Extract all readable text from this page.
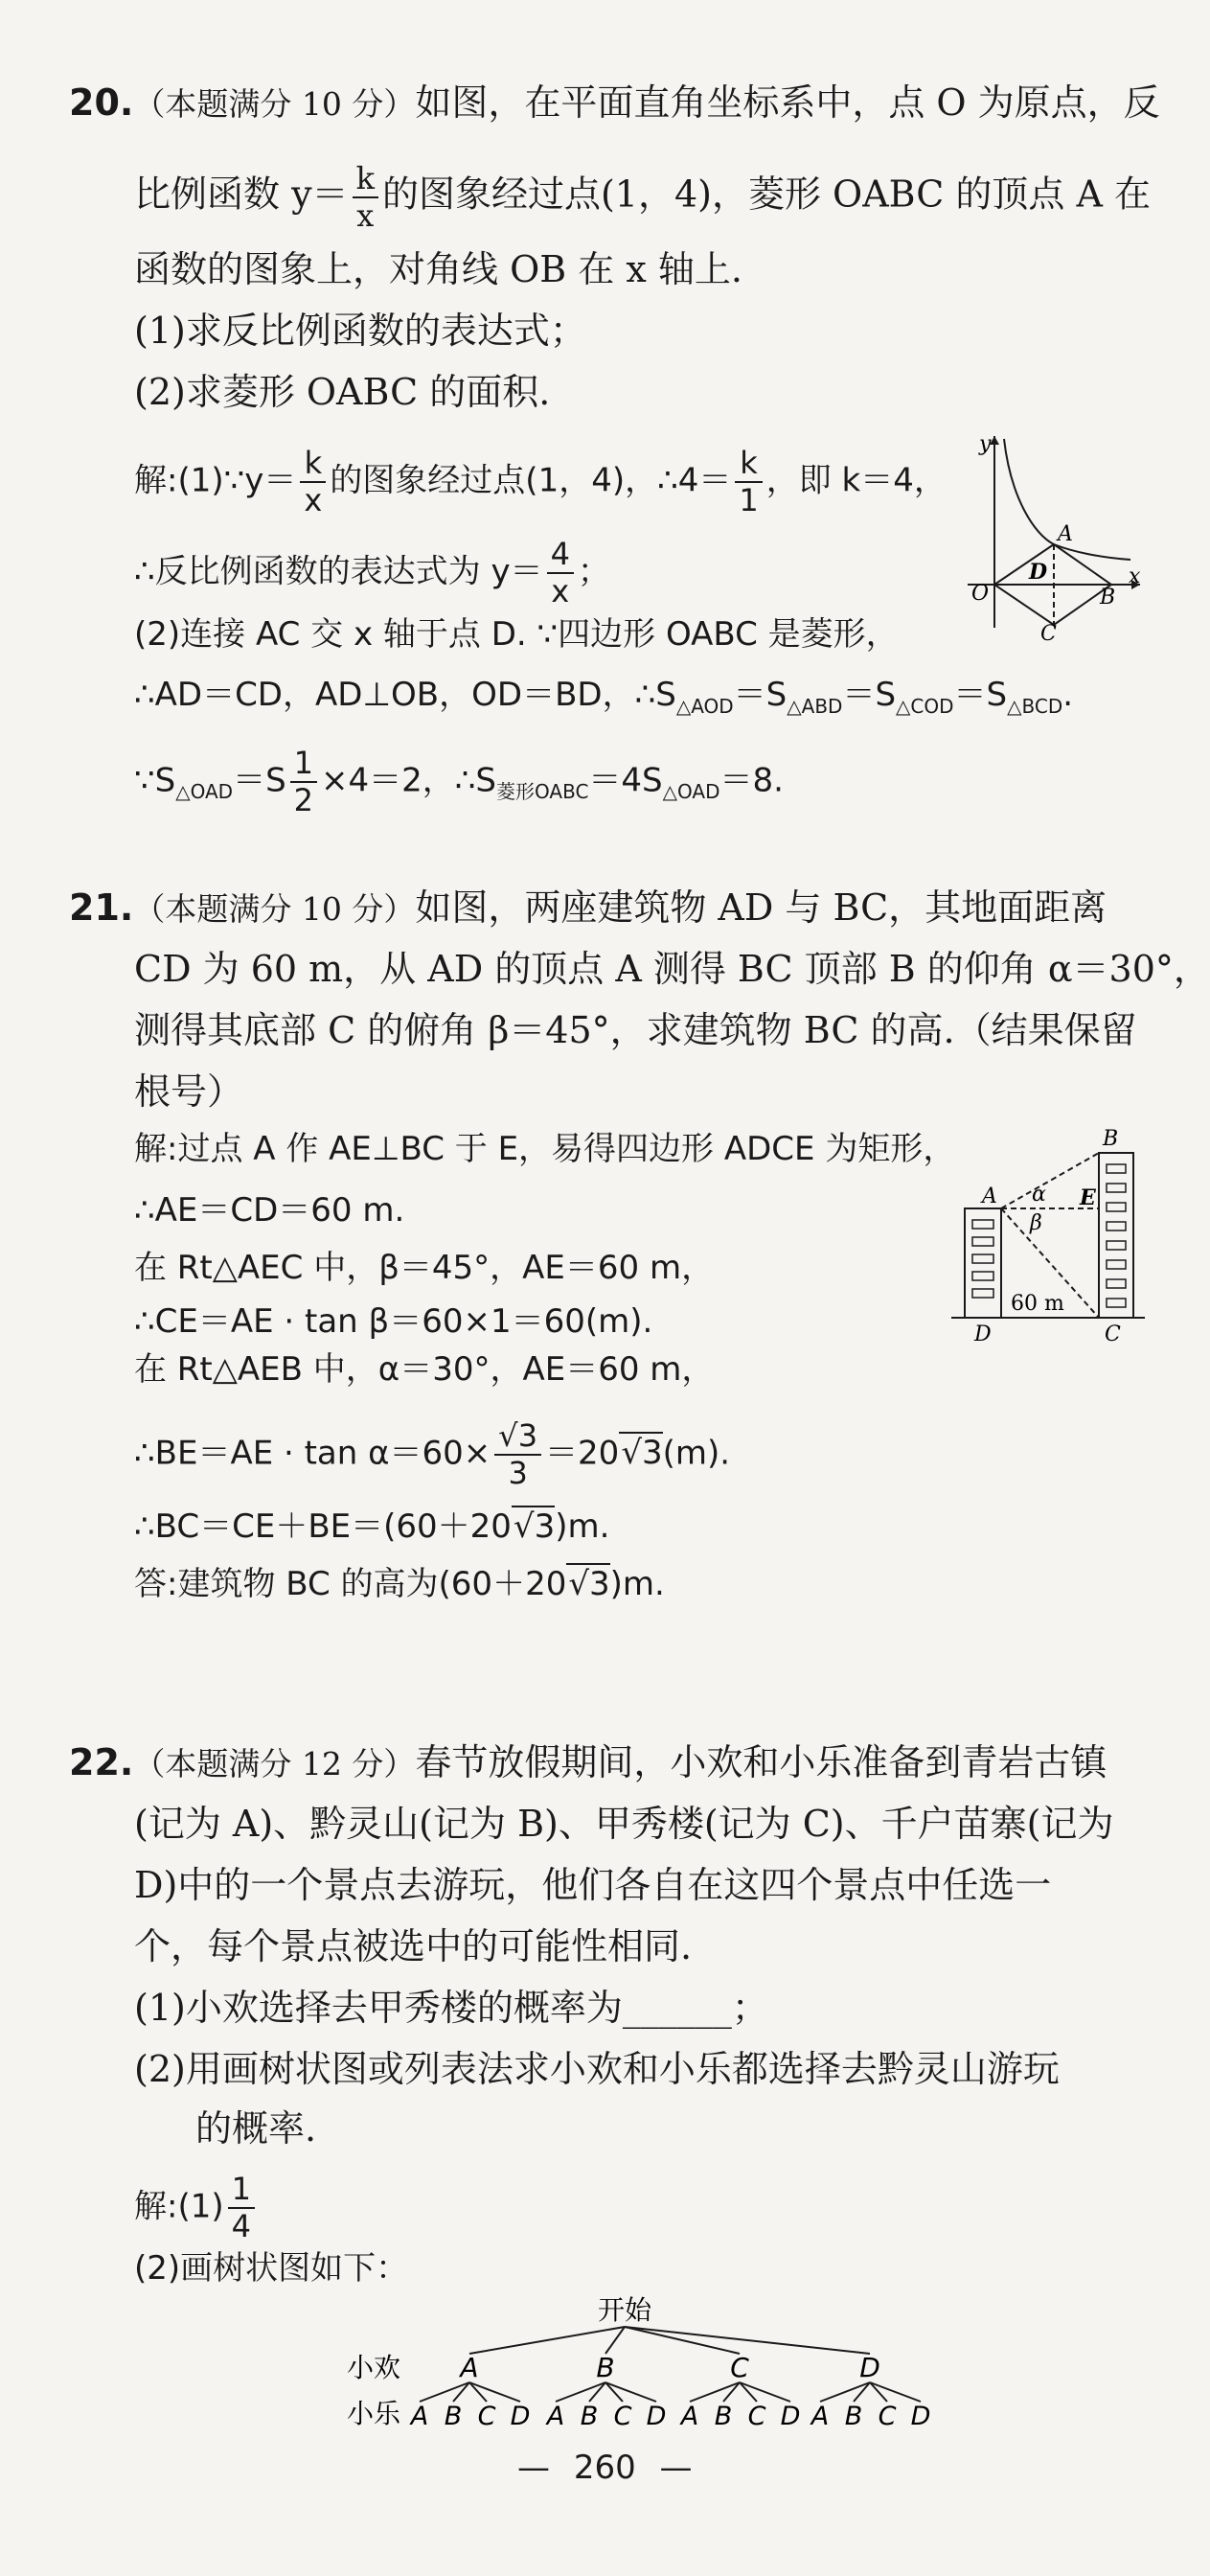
20.（本题满分 10 分）如图，在平面直角坐标系中，点 O 为原点，反
比例函数 $y= \frac{k}{x}$ 的图象经过点(1，4)，菱形 OABC 的顶点 A 在
函数的图象上，对角线 OB 在 x 轴上.
(1)求反比例函数的表达式；
(2)求菱形 OABC 的面积.
解:(1)∵y＝ $\frac{k}{x}$ 的图象经过点(1，4)，∴4＝ $\frac{k}{1}$ ，即 k＝4，
∴反比例函数的表达式为 $y= \frac{4}{x}$ ；
(2)连接 AC 交 x 轴于点 D. ∵四边形 OABC 是菱形，
∴AD＝CD，AD⊥OB，OD＝BD，$\therefore S_{\triangle AOD}=S_{\triangle ABD}=S_{\triangle COD}=S_{\triangle BCD}$.
$\because S_{\triangle OAD}=S \frac{1}{2} \times 4=2$，$\therefore S_{菱形OABC}=4S_{\triangle OAD}=8$.
y
x
O
A
B
C
D
21.（本题满分 10 分）如图，两座建筑物 AD 与 BC，其地面距离
CD 为 60 m，从 AD 的顶点 A 测得 BC 顶部 B 的仰角 α＝30°，
测得其底部 C 的俯角 β＝45°，求建筑物 BC 的高.（结果保留
根号）
解:过点 A 作 AE⊥BC 于 E，易得四边形 ADCE 为矩形，
∴AE＝CD＝60 m.
在 Rt△AEC 中，β＝45°，AE＝60 m，
∴CE＝AE · tan β＝60×1＝60(m).
在 Rt△AEB 中，α＝30°，AE＝60 m，
∴BE＝AE · $\tan \alpha=60\times \frac{√3}{3} =20√3(m)$.
∴BC＝CE＋BE＝(60＋20√3)m.
答:建筑物 BC 的高为(60＋20√3)m.
A
B
C
D
E
α
β
60 m
22.（本题满分 12 分）春节放假期间，小欢和小乐准备到青岩古镇
(记为 A)、黔灵山(记为 B)、甲秀楼(记为 C)、千户苗寨(记为
D)中的一个景点去游玩，他们各自在这四个景点中任选一
个，每个景点被选中的可能性相同.
(1)小欢选择去甲秀楼的概率为______；
(2)用画树状图或列表法求小欢和小乐都选择去黔灵山游玩
的概率.
解:(1) $\frac{1}{4}$
(2)画树状图如下：
开始
小欢
小乐
A	B	C	D
A B C D A B C D A B C D A B C D
— 260 —
